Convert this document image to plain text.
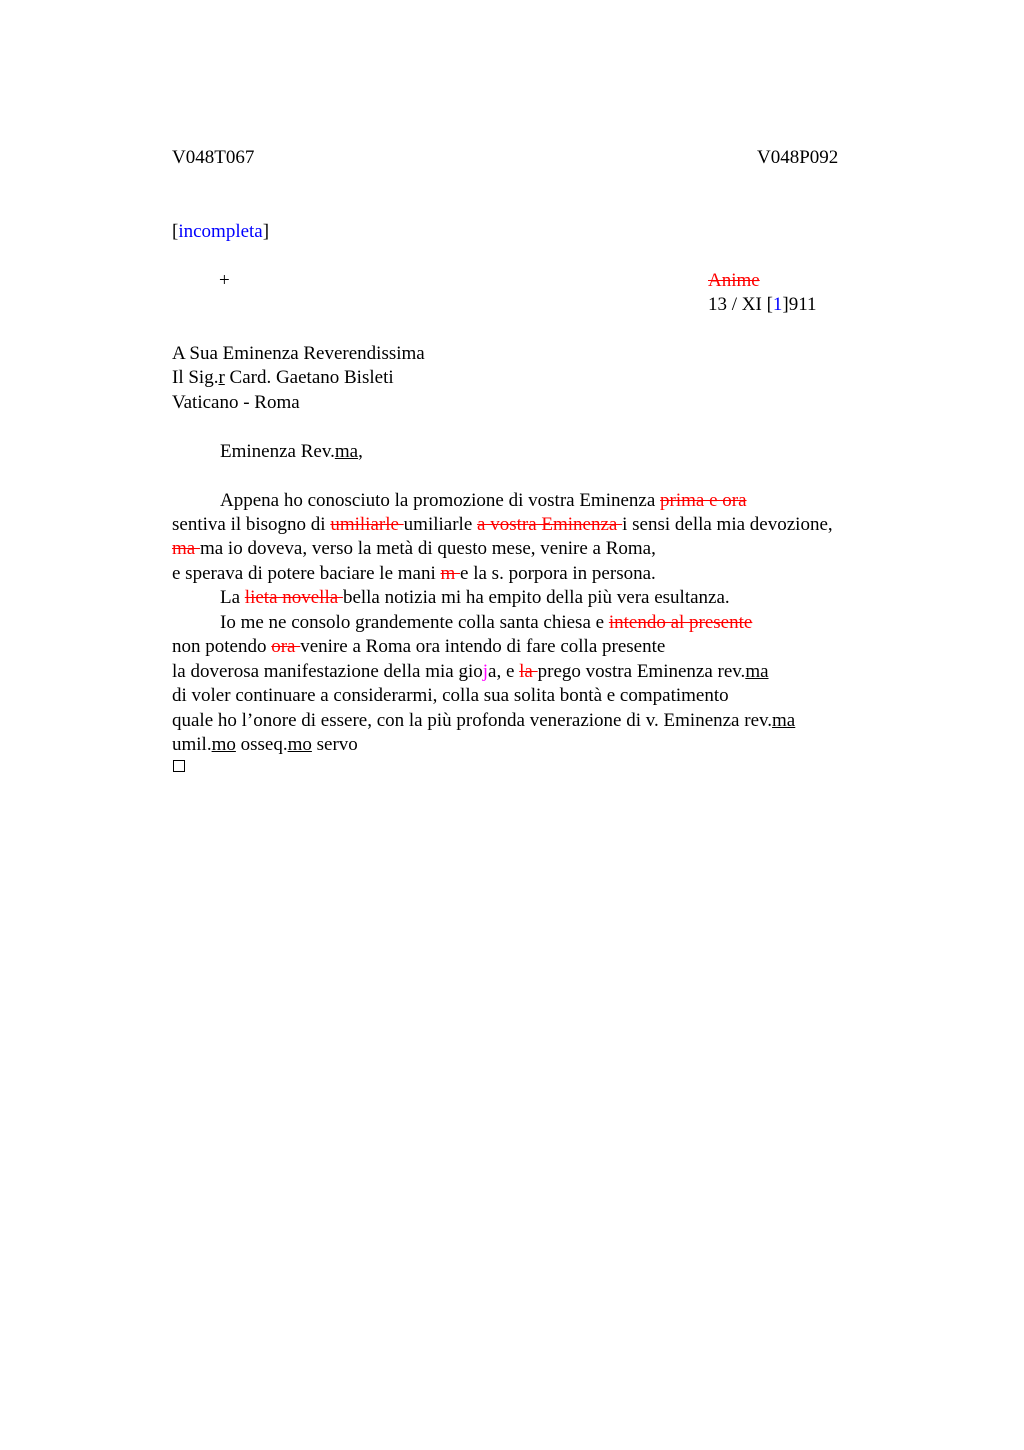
V048T067	V048P092
[incompleta]
+	Anime
13 / XI [1]911
A Sua Eminenza Reverendissima
Il Sig.r Card. Gaetano Bisleti
Vaticano - Roma
Eminenza Rev.ma,
Appena ho conosciuto la promozione di vostra Eminenza prima e ora
sentiva il bisogno di umiliarle umiliarle a vostra Eminenza i sensi della mia devozione,
ma ma io doveva, verso la metà di questo mese, venire a Roma,
e sperava di potere baciare le mani m e la s. porpora in persona.
La lieta novella bella notizia mi ha empito della più vera esultanza.
Io me ne consolo grandemente colla santa chiesa e intendo al presente
non potendo ora venire a Roma ora intendo di fare colla presente
la doverosa manifestazione della mia gioja, e la prego vostra Eminenza rev.ma
di voler continuare a considerarmi, colla sua solita bontà e compatimento
quale ho l’onore di essere, con la più profonda venerazione di v. Eminenza rev.ma
umil.mo osseq.mo servo
